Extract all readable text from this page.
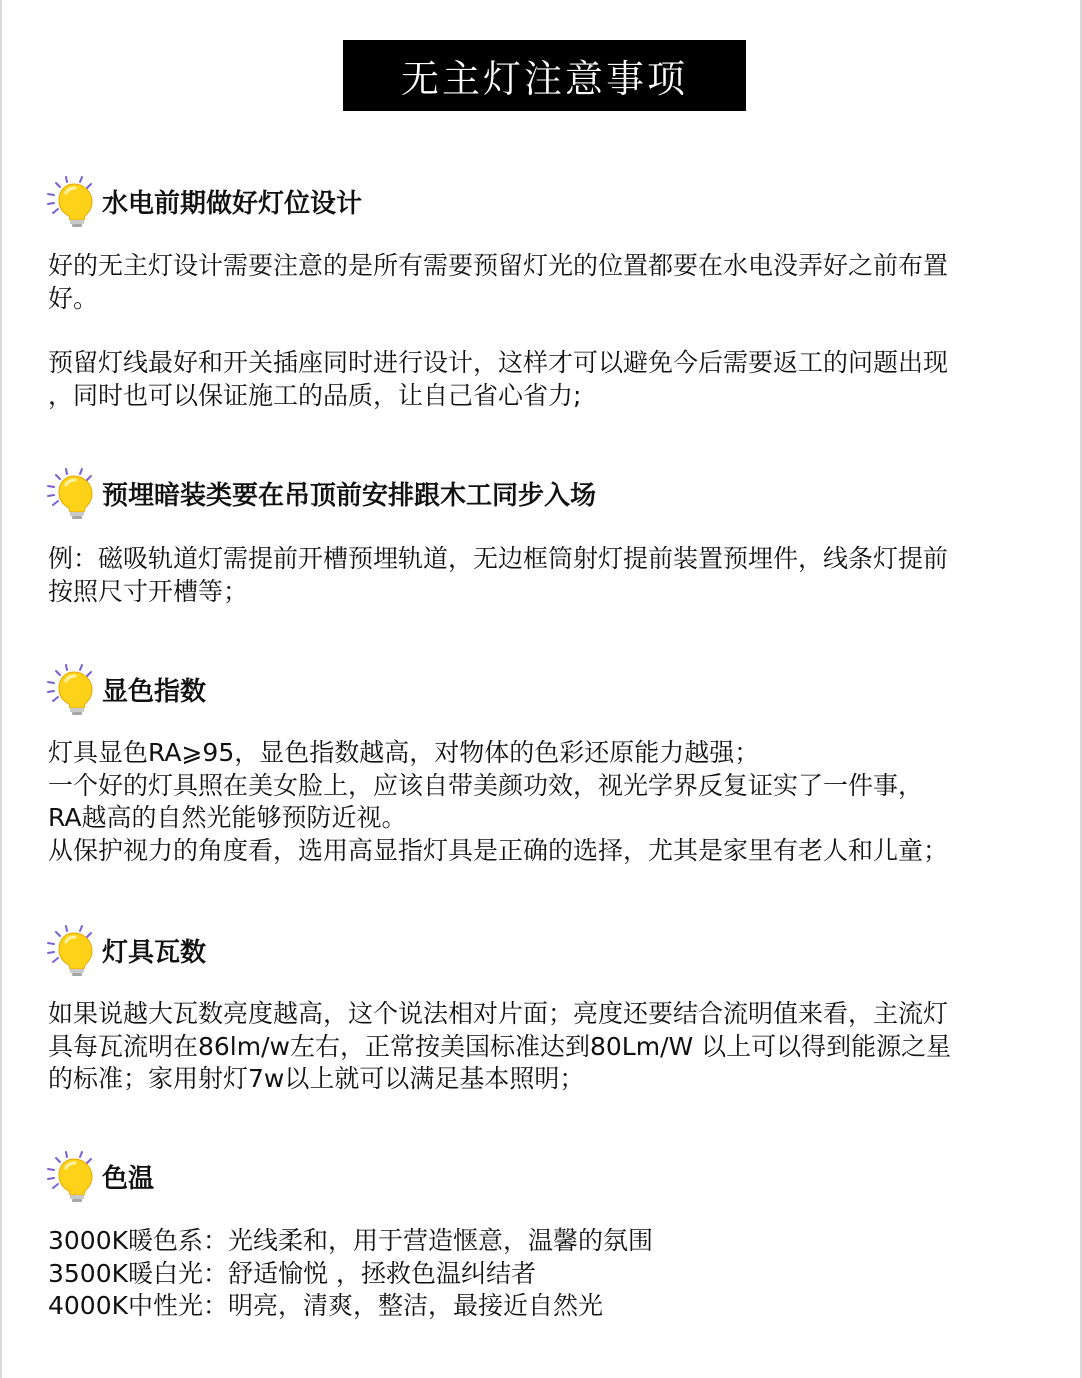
无主灯注意事项
水电前期做好灯位设计

好的无主灯设计需要注意的是所有需要预留灯光的位置都要在水电没弄好之前布置
好。

预留灯线最好和开关插座同时进行设计，这样才可以避免今后需要返工的问题出现
，同时也可以保证施工的品质，让自己省心省力;

预埋暗装类要在吊顶前安排跟木工同步入场

例：磁吸轨道灯需提前开槽预埋轨道，无边框筒射灯提前装置预埋件，线条灯提前
按照尺寸开槽等；

显色指数
灯具显色RA⩾95，显色指数越高，对物体的色彩还原能力越强；
一个好的灯具照在美女脸上，应该自带美颜功效，视光学界反复证实了一件事，
RA越高的自然光能够预防近视。
从保护视力的角度看，选用高显指灯具是正确的选择，尤其是家里有老人和儿童；
灯具瓦数

如果说越大瓦数亮度越高，这个说法相对片面；亮度还要结合流明值来看，主流灯
具每瓦流明在86lm/w左右，正常按美国标准达到80Lm/W 以上可以得到能源之星
的标准；家用射灯7w以上就可以满足基本照明；

色温
3000K暖色系：光线柔和，用于营造惬意，温馨的氛围
3500K暖白光：舒适愉悦 ，拯救色温纠结者
4000K中性光：明亮，清爽，整洁，最接近自然光
